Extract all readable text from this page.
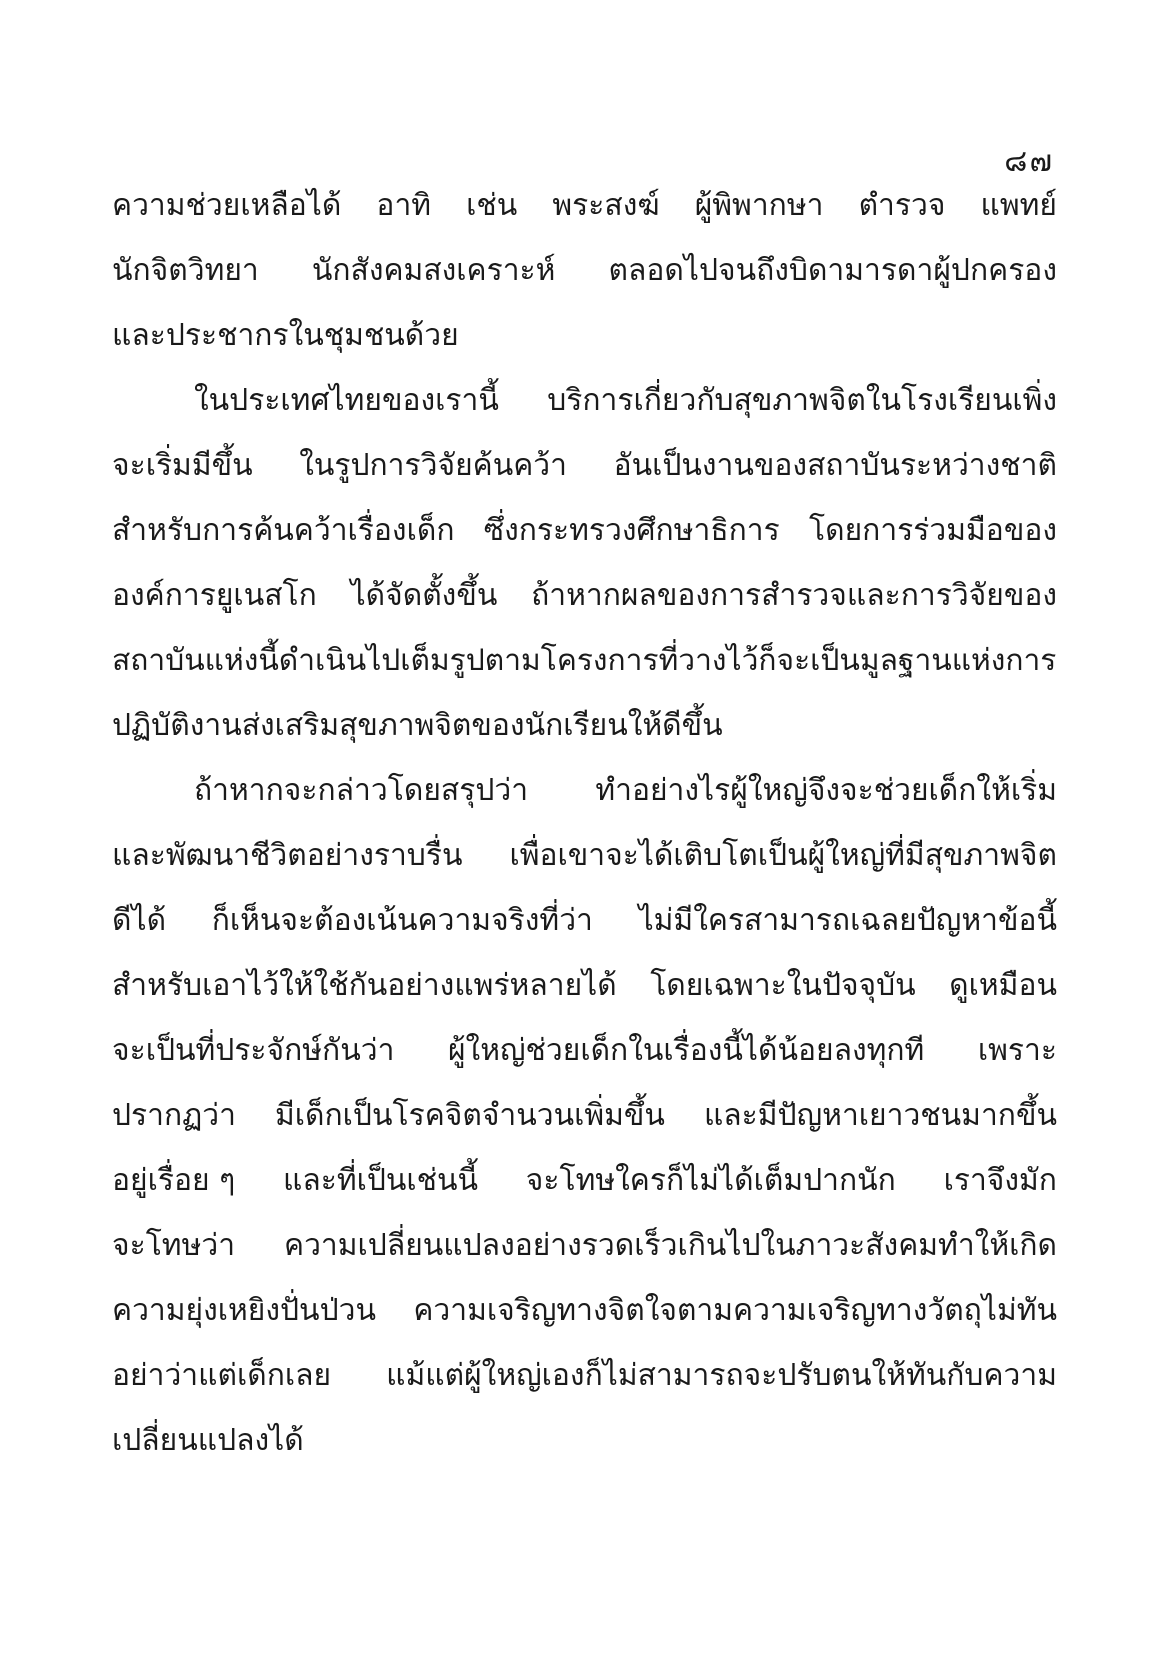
๘๗
ความช่วยเหลือได้ อาทิ เช่น พระสงฆ์ ผู้พิพากษา ตำรวจ แพทย์
นักจิตวิทยา นักสังคมสงเคราะห์ ตลอดไปจนถึงบิดามารดาผู้ปกครอง
และประชากรในชุมชนด้วย
ในประเทศไทยของเรานี้ บริการเกี่ยวกับสุขภาพจิตในโรงเรียนเพิ่ง
จะเริ่มมีขึ้น ในรูปการวิจัยค้นคว้า อันเป็นงานของสถาบันระหว่างชาติ
สำหรับการค้นคว้าเรื่องเด็ก ซึ่งกระทรวงศึกษาธิการ โดยการร่วมมือของ
องค์การยูเนสโก ได้จัดตั้งขึ้น ถ้าหากผลของการสำรวจและการวิจัยของ
สถาบันแห่งนี้ดำเนินไปเต็มรูปตามโครงการที่วางไว้ก็จะเป็นมูลฐานแห่งการ
ปฏิบัติงานส่งเสริมสุขภาพจิตของนักเรียนให้ดีขึ้น
ถ้าหากจะกล่าวโดยสรุปว่า ทำอย่างไรผู้ใหญ่จึงจะช่วยเด็กให้เริ่ม
และพัฒนาชีวิตอย่างราบรื่น เพื่อเขาจะได้เติบโตเป็นผู้ใหญ่ที่มีสุขภาพจิต
ดีได้ ก็เห็นจะต้องเน้นความจริงที่ว่า ไม่มีใครสามารถเฉลยปัญหาข้อนี้
สำหรับเอาไว้ให้ใช้กันอย่างแพร่หลายได้ โดยเฉพาะในปัจจุบัน ดูเหมือน
จะเป็นที่ประจักษ์กันว่า ผู้ใหญ่ช่วยเด็กในเรื่องนี้ได้น้อยลงทุกที เพราะ
ปรากฏว่า มีเด็กเป็นโรคจิตจำนวนเพิ่มขึ้น และมีปัญหาเยาวชนมากขึ้น
อยู่เรื่อย ๆ และที่เป็นเช่นนี้ จะโทษใครก็ไม่ได้เต็มปากนัก เราจึงมัก
จะโทษว่า ความเปลี่ยนแปลงอย่างรวดเร็วเกินไปในภาวะสังคมทำให้เกิด
ความยุ่งเหยิงปั่นป่วน ความเจริญทางจิตใจตามความเจริญทางวัตถุไม่ทัน
อย่าว่าแต่เด็กเลย แม้แต่ผู้ใหญ่เองก็ไม่สามารถจะปรับตนให้ทันกับความ
เปลี่ยนแปลงได้
